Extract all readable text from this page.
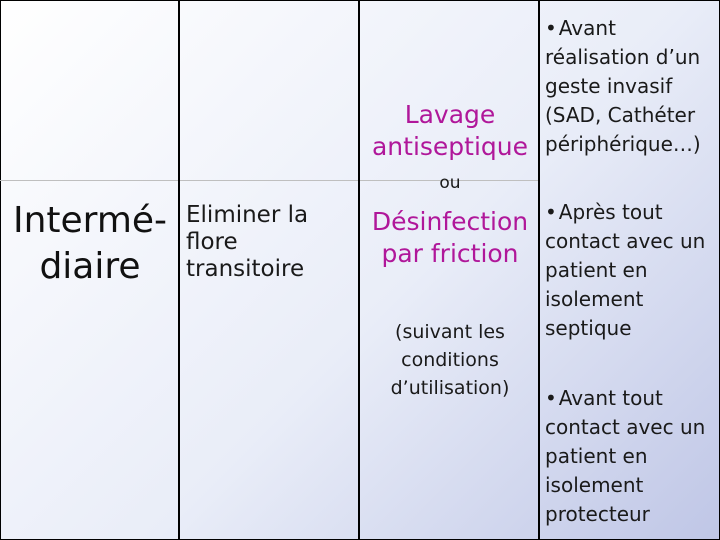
Intermé-
diaire

Eliminer la flore transitoire

Lavage antiseptique

ou

Désinfection par friction

(suivant les conditions d’utilisation)

• Avant réalisation d’un geste invasif (SAD, Cathéter périphérique…)

• Après tout contact avec un patient en isolement septique

• Avant tout contact avec un patient en isolement protecteur
